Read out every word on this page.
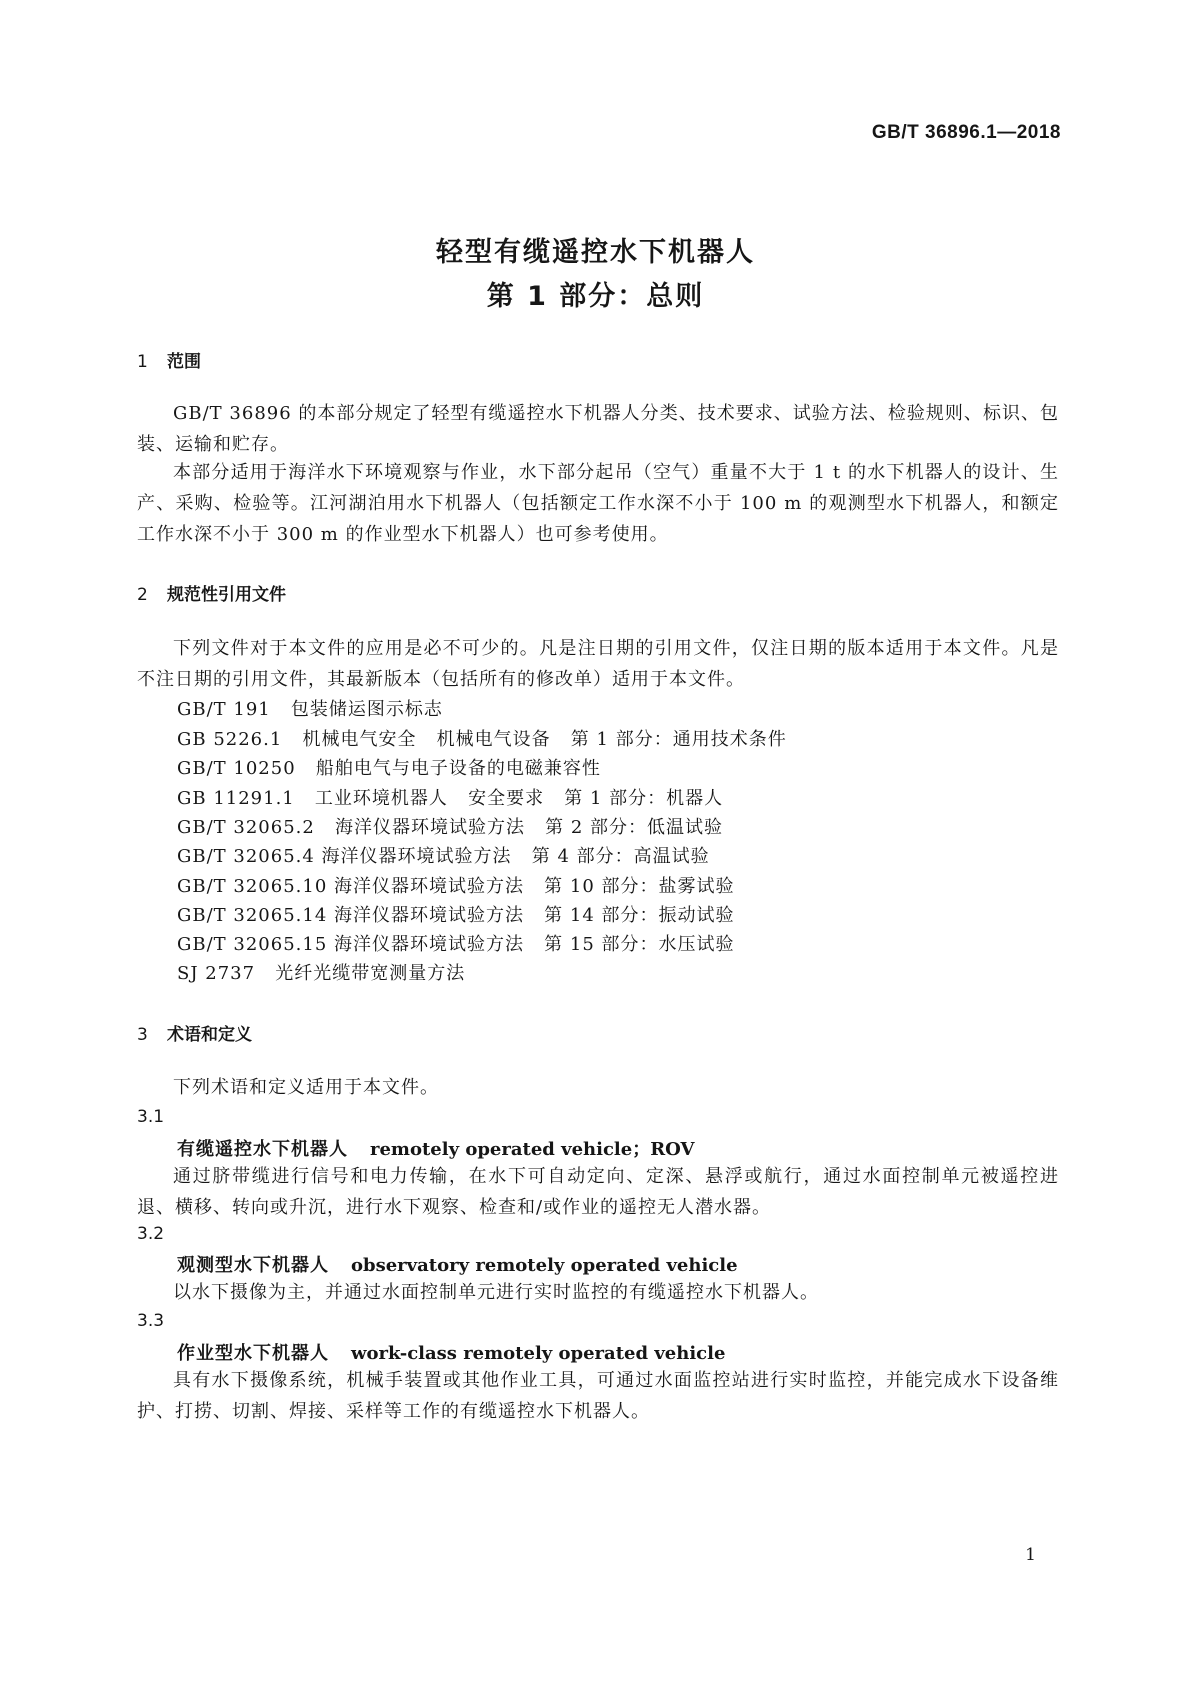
GB/T 36896.1—2018
轻型有缆遥控水下机器人
第 1 部分：总则
1 范围

GB/T 36896 的本部分规定了轻型有缆遥控水下机器人分类、技术要求、试验方法、检验规则、标识、包装、运输和贮存。

本部分适用于海洋水下环境观察与作业，水下部分起吊（空气）重量不大于 1 t 的水下机器人的设计、生产、采购、检验等。江河湖泊用水下机器人（包括额定工作水深不小于 100 m 的观测型水下机器人，和额定工作水深不小于 300 m 的作业型水下机器人）也可参考使用。

2 规范性引用文件

下列文件对于本文件的应用是必不可少的。凡是注日期的引用文件，仅注日期的版本适用于本文件。凡是不注日期的引用文件，其最新版本（包括所有的修改单）适用于本文件。

GB/T 191   包装储运图示标志
GB 5226.1   机械电气安全   机械电气设备   第 1 部分：通用技术条件
GB/T 10250   船舶电气与电子设备的电磁兼容性
GB 11291.1   工业环境机器人   安全要求   第 1 部分：机器人
GB/T 32065.2   海洋仪器环境试验方法   第 2 部分：低温试验
GB/T 32065.4 海洋仪器环境试验方法   第 4 部分：高温试验
GB/T 32065.10 海洋仪器环境试验方法   第 10 部分：盐雾试验
GB/T 32065.14 海洋仪器环境试验方法   第 14 部分：振动试验
GB/T 32065.15 海洋仪器环境试验方法   第 15 部分：水压试验
SJ 2737   光纤光缆带宽测量方法
3 术语和定义

下列术语和定义适用于本文件。

3.1
有缆遥控水下机器人 remotely operated vehicle；ROV

通过脐带缆进行信号和电力传输，在水下可自动定向、定深、悬浮或航行，通过水面控制单元被遥控进退、横移、转向或升沉，进行水下观察、检查和/或作业的遥控无人潜水器。

3.2
观测型水下机器人 observatory remotely operated vehicle

以水下摄像为主，并通过水面控制单元进行实时监控的有缆遥控水下机器人。

3.3
作业型水下机器人 work-class remotely operated vehicle

具有水下摄像系统，机械手装置或其他作业工具，可通过水面监控站进行实时监控，并能完成水下设备维护、打捞、切割、焊接、采样等工作的有缆遥控水下机器人。

1
